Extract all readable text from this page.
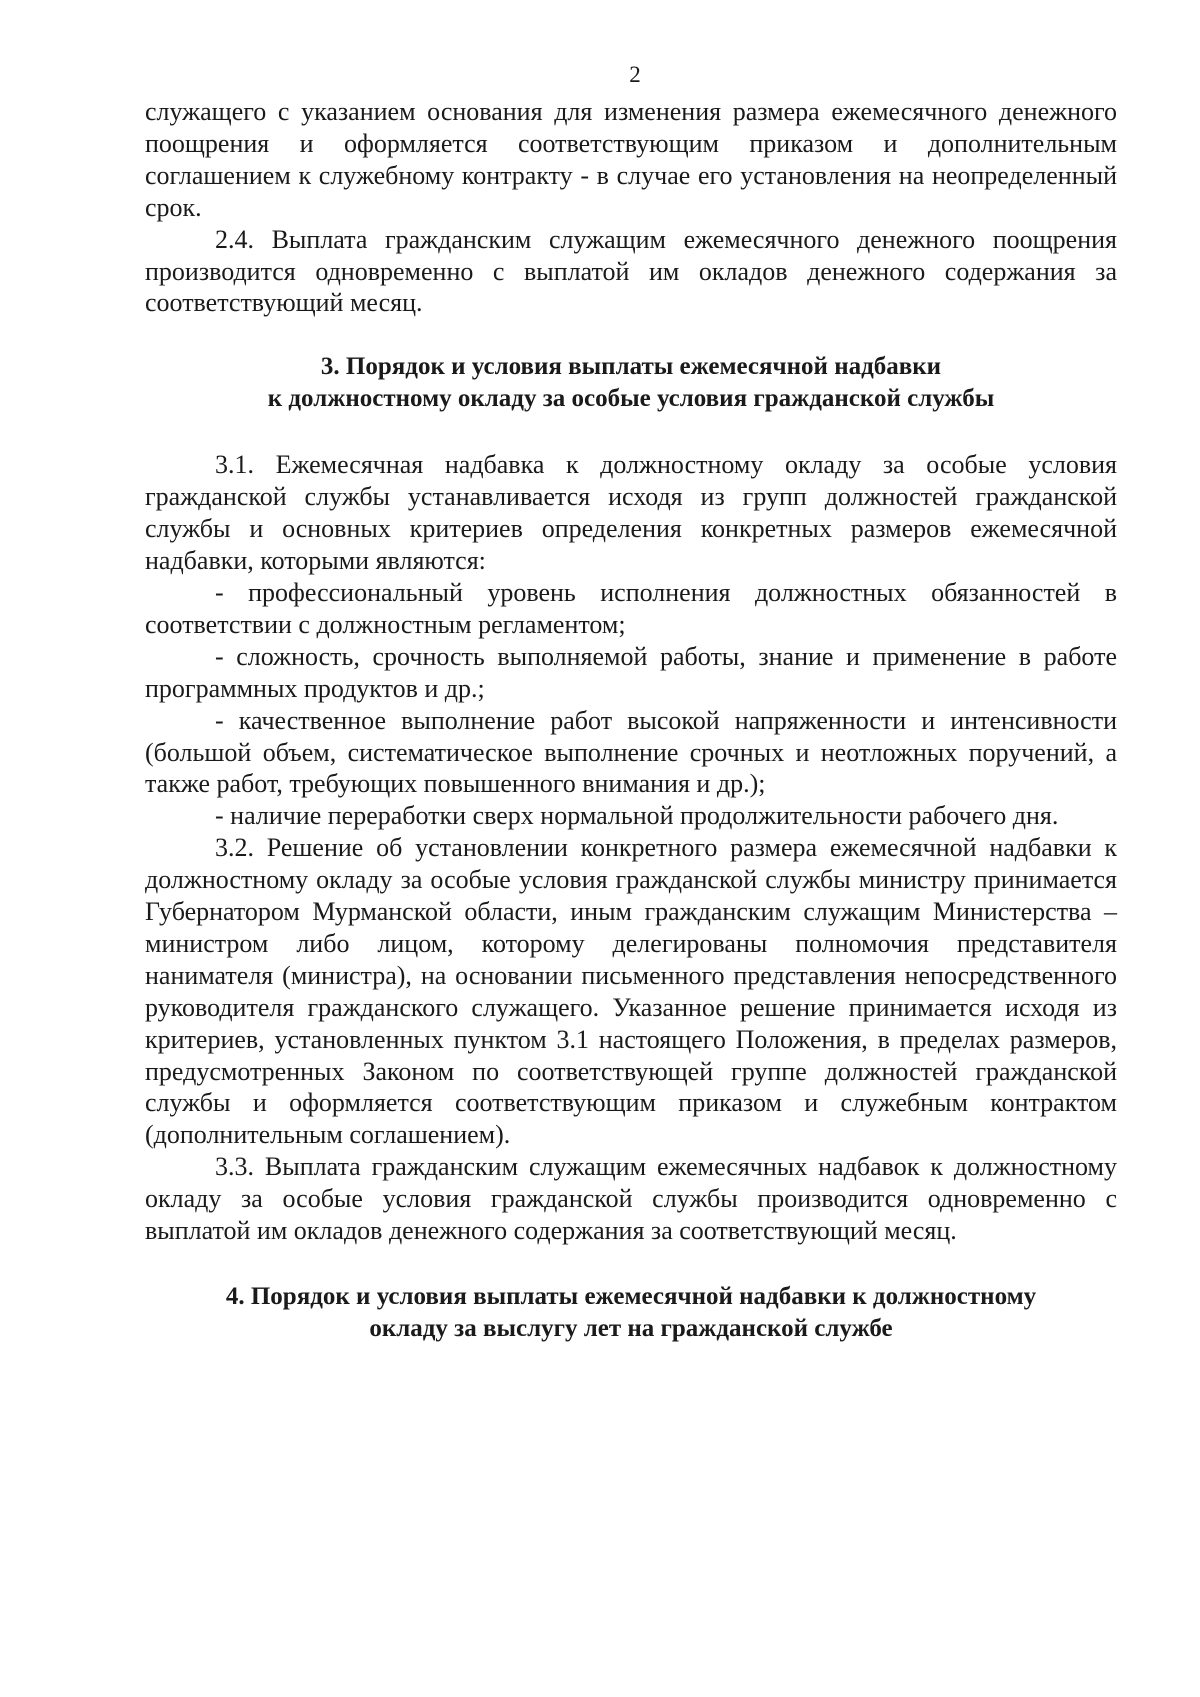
2

служащего с указанием основания для изменения размера ежемесячного денежного поощрения и оформляется соответствующим приказом и дополнительным соглашением к служебному контракту - в случае его установления на неопределенный срок.

2.4. Выплата гражданским служащим ежемесячного денежного поощрения производится одновременно с выплатой им окладов денежного содержания за соответствующий месяц.

3. Порядок и условия выплаты ежемесячной надбавки
к должностному окладу за особые условия гражданской службы

3.1. Ежемесячная надбавка к должностному окладу за особые условия гражданской службы устанавливается исходя из групп должностей гражданской службы и основных критериев определения конкретных размеров ежемесячной надбавки, которыми являются:

- профессиональный уровень исполнения должностных обязанностей в соответствии с должностным регламентом;

- сложность, срочность выполняемой работы, знание и применение в работе программных продуктов и др.;

- качественное выполнение работ высокой напряженности и интенсивности (большой объем, систематическое выполнение срочных и неотложных поручений, а также работ, требующих повышенного внимания и др.);

- наличие переработки сверх нормальной продолжительности рабочего дня.

3.2. Решение об установлении конкретного размера ежемесячной надбавки к должностному окладу за особые условия гражданской службы министру принимается Губернатором Мурманской области, иным гражданским служащим Министерства – министром либо лицом, которому делегированы полномочия представителя нанимателя (министра), на основании письменного представления непосредственного руководителя гражданского служащего. Указанное решение принимается исходя из критериев, установленных пунктом 3.1 настоящего Положения, в пределах размеров, предусмотренных Законом по соответствующей группе должностей гражданской службы и оформляется соответствующим приказом и служебным контрактом (дополнительным соглашением).

3.3. Выплата гражданским служащим ежемесячных надбавок к должностному окладу за особые условия гражданской службы производится одновременно с выплатой им окладов денежного содержания за соответствующий месяц.

4. Порядок и условия выплаты ежемесячной надбавки к должностному
окладу за выслугу лет на гражданской службе
